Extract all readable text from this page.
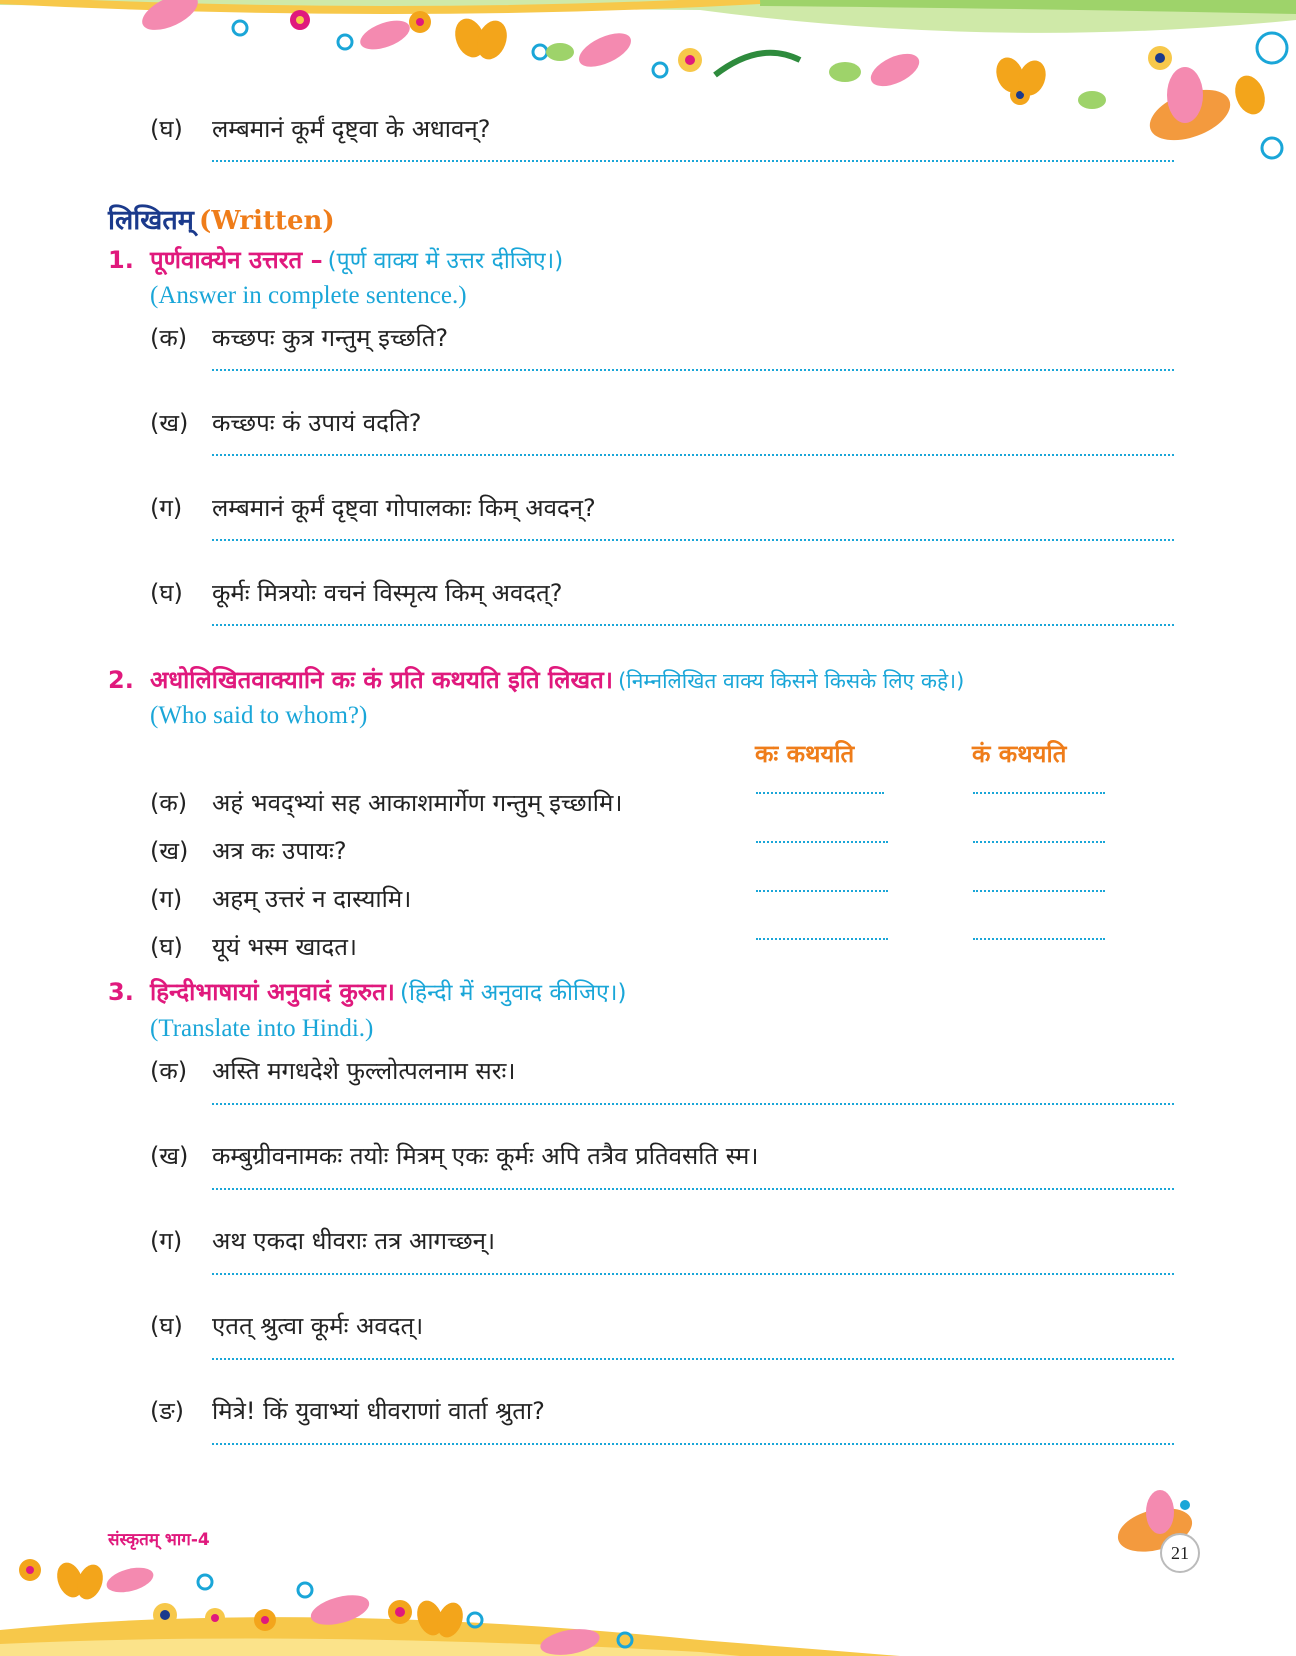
(घ) लम्बमानं कूर्मं दृष्ट्वा के अधावन्?
लिखितम् (Written)
1. पूर्णवाक्येन उत्तरत – (पूर्ण वाक्य में उत्तर दीजिए।)
(Answer in complete sentence.)
(क) कच्छपः कुत्र गन्तुम् इच्छति?
(ख) कच्छपः कं उपायं वदति?
(ग) लम्बमानं कूर्मं दृष्ट्वा गोपालकाः किम् अवदन्?
(घ) कूर्मः मित्रयोः वचनं विस्मृत्य किम् अवदत्?
2. अधोलिखितवाक्यानि कः कं प्रति कथयति इति लिखत। (निम्नलिखित वाक्य किसने किसके लिए कहे।)
(Who said to whom?)
कः कथयति	कं कथयति
(क) अहं भवद्भ्यां सह आकाशमार्गेण गन्तुम् इच्छामि।
(ख) अत्र कः उपायः?
(ग) अहम् उत्तरं न दास्यामि।
(घ) यूयं भस्म खादत।
3. हिन्दीभाषायां अनुवादं कुरुत। (हिन्दी में अनुवाद कीजिए।)
(Translate into Hindi.)
(क) अस्ति मगधदेशे फुल्लोत्पलनाम सरः।
(ख) कम्बुग्रीवनामकः तयोः मित्रम् एकः कूर्मः अपि तत्रैव प्रतिवसति स्म।
(ग) अथ एकदा धीवराः तत्र आगच्छन्।
(घ) एतत् श्रुत्वा कूर्मः अवदत्।
(ङ) मित्रे! किं युवाभ्यां धीवराणां वार्ता श्रुता?
संस्कृतम् भाग-4
21
